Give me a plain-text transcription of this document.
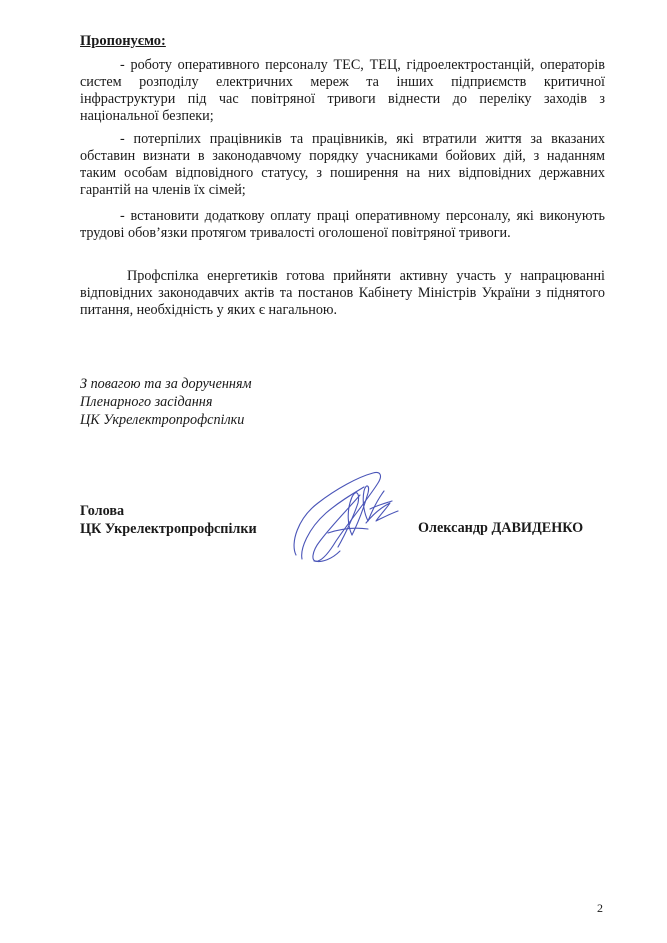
Пропонуємо:

- роботу оперативного персоналу ТЕС, ТЕЦ, гідроелектростанцій, операторів систем розподілу електричних мереж та інших підприємств критичної інфраструктури під час повітряної тривоги віднести до переліку заходів з національної безпеки;

- потерпілих працівників та працівників, які втратили життя за вказаних обставин визнати в законодавчому порядку учасниками бойових дій, з наданням таким особам відповідного статусу, з поширення на них відповідних державних гарантій на членів їх сімей;

- встановити додаткову оплату праці оперативному персоналу, які виконують трудові обов’язки протягом тривалості оголошеної повітряної тривоги.

Профспілка енергетиків готова прийняти активну участь у напрацюванні відповідних законодавчих актів та постанов Кабінету Міністрів України з піднятого питання, необхідність у яких є нагальною.

З повагою та за дорученням
Пленарного засідання
ЦК Укрелектропрофспілки
Голова
ЦК Укрелектропрофспілки	Олександр ДАВИДЕНКО
2
